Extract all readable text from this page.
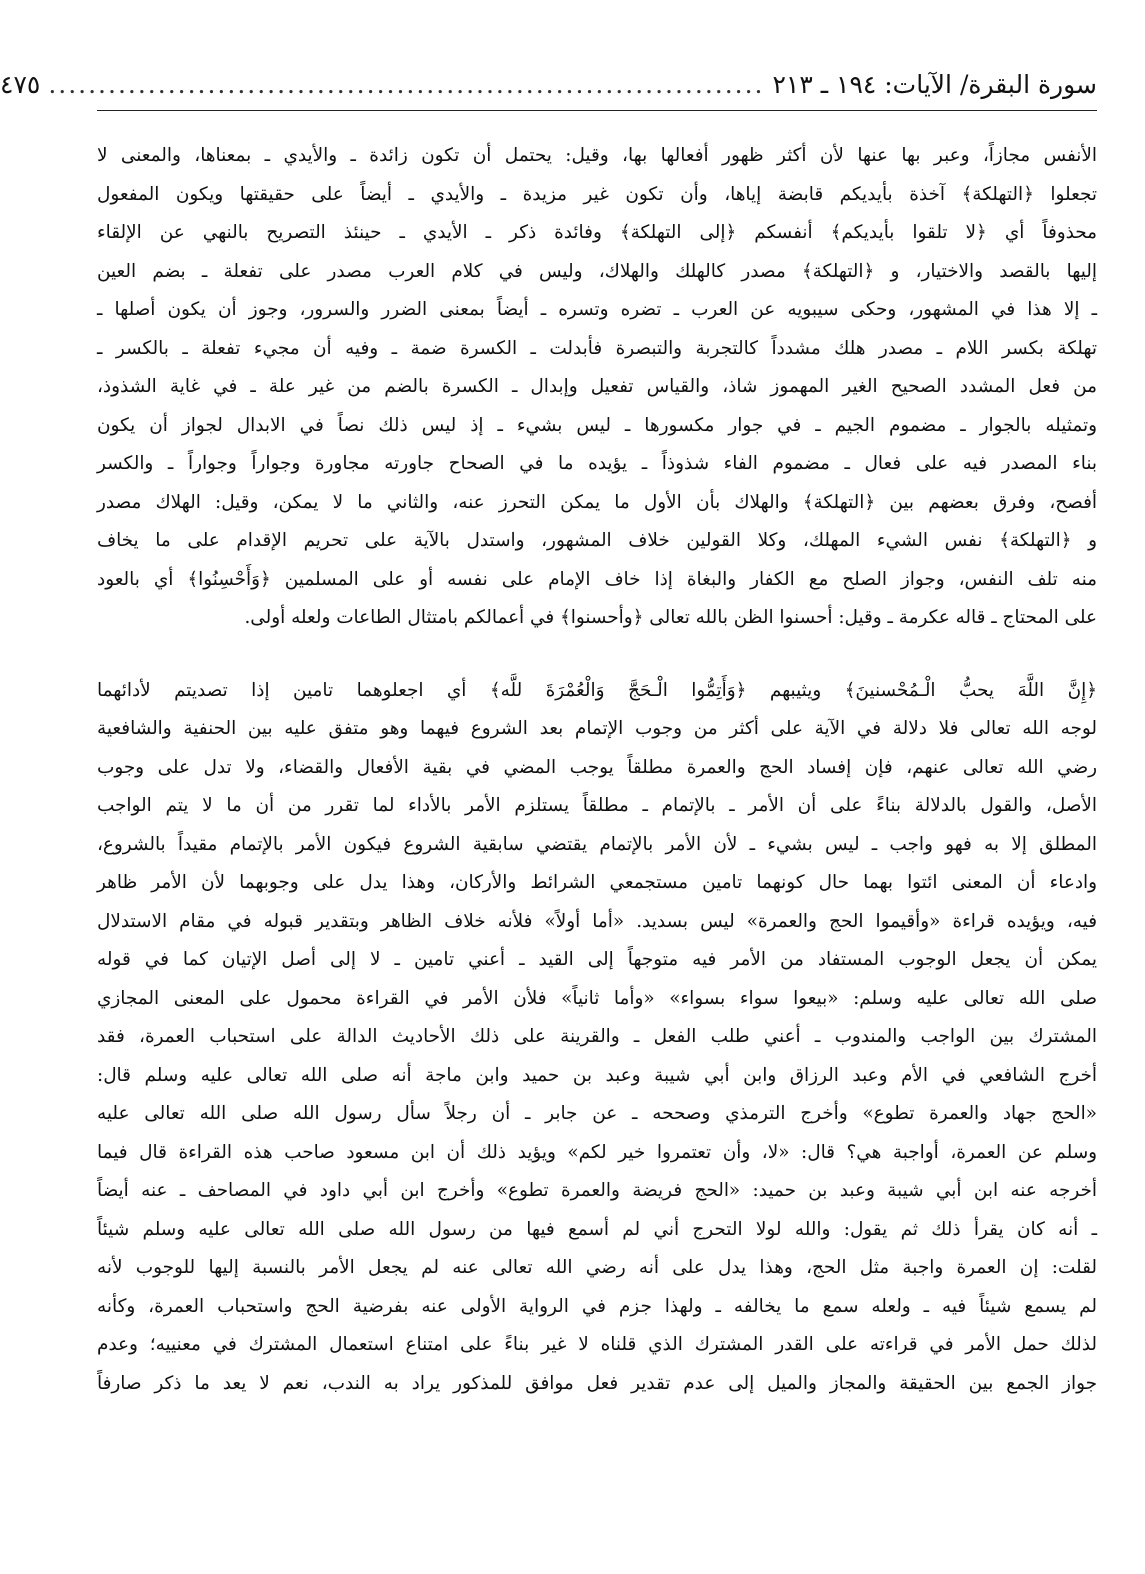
سورة البقرة/ الآيات: ١٩٤ ـ ٢١٣
........................................................................
٤٧٥
الأنفس مجازاً، وعبر بها عنها لأن أكثر ظهور أفعالها بها، وقيل: يحتمل أن تكون زائدة ـ والأيدي ـ بمعناها، والمعنى لا
تجعلوا ﴿التهلكة﴾ آخذة بأيديكم قابضة إياها، وأن تكون غير مزيدة ـ والأيدي ـ أيضاً على حقيقتها ويكون المفعول
محذوفاً أي ﴿لا تلقوا بأيديكم﴾ أنفسكم ﴿إلى التهلكة﴾ وفائدة ذكر ـ الأيدي ـ حينئذ التصريح بالنهي عن الإلقاء
إليها بالقصد والاختيار، و ﴿التهلكة﴾ مصدر كالهلك والهلاك، وليس في كلام العرب مصدر على تفعلة ـ بضم العين
ـ إلا هذا في المشهور، وحكى سيبويه عن العرب ـ تضره وتسره ـ أيضاً بمعنى الضرر والسرور، وجوز أن يكون أصلها ـ
تهلكة بكسر اللام ـ مصدر هلك مشدداً كالتجربة والتبصرة فأبدلت ـ الكسرة ضمة ـ وفيه أن مجيء تفعلة ـ بالكسر ـ
من فعل المشدد الصحيح الغير المهموز شاذ، والقياس تفعيل وإبدال ـ الكسرة بالضم من غير علة ـ في غاية الشذوذ،
وتمثيله بالجوار ـ مضموم الجيم ـ في جوار مكسورها ـ ليس بشيء ـ إذ ليس ذلك نصاً في الابدال لجواز أن يكون
بناء المصدر فيه على فعال ـ مضموم الفاء شذوذاً ـ يؤيده ما في الصحاح جاورته مجاورة وجواراً وجواراً ـ والكسر
أفصح، وفرق بعضهم بين ﴿التهلكة﴾ والهلاك بأن الأول ما يمكن التحرز عنه، والثاني ما لا يمكن، وقيل: الهلاك مصدر
و ﴿التهلكة﴾ نفس الشيء المهلك، وكلا القولين خلاف المشهور، واستدل بالآية على تحريم الإقدام على ما يخاف
منه تلف النفس، وجواز الصلح مع الكفار والبغاة إذا خاف الإمام على نفسه أو على المسلمين ﴿وَأَحْسِنُوا﴾ أي بالعود
على المحتاج ـ قاله عكرمة ـ وقيل: أحسنوا الظن بالله تعالى ﴿وأحسنوا﴾ في أعمالكم بامتثال الطاعات ولعله أولى.
﴿إِنَّ اللَّهَ يحبُّ الْـمُحْسنينَ﴾ ويثيبهم ﴿وَأَتِمُّوا الْـحَجَّ وَالْعُمْرَةَ للَّه﴾ أي اجعلوهما تامين إذا تصديتم لأدائهما
لوجه الله تعالى فلا دلالة في الآية على أكثر من وجوب الإتمام بعد الشروع فيهما وهو متفق عليه بين الحنفية والشافعية
رضي الله تعالى عنهم، فإن إفساد الحج والعمرة مطلقاً يوجب المضي في بقية الأفعال والقضاء، ولا تدل على وجوب
الأصل، والقول بالدلالة بناءً على أن الأمر ـ بالإتمام ـ مطلقاً يستلزم الأمر بالأداء لما تقرر من أن ما لا يتم الواجب
المطلق إلا به فهو واجب ـ ليس بشيء ـ لأن الأمر بالإتمام يقتضي سابقية الشروع فيكون الأمر بالإتمام مقيداً بالشروع،
وادعاء أن المعنى ائتوا بهما حال كونهما تامين مستجمعي الشرائط والأركان، وهذا يدل على وجوبهما لأن الأمر ظاهر
فيه، ويؤيده قراءة «وأقيموا الحج والعمرة» ليس بسديد. «أما أولاً» فلأنه خلاف الظاهر وبتقدير قبوله في مقام الاستدلال
يمكن أن يجعل الوجوب المستفاد من الأمر فيه متوجهاً إلى القيد ـ أعني تامين ـ لا إلى أصل الإتيان كما في قوله
صلى الله تعالى عليه وسلم: «بيعوا سواء بسواء» «وأما ثانياً» فلأن الأمر في القراءة محمول على المعنى المجازي
المشترك بين الواجب والمندوب ـ أعني طلب الفعل ـ والقرينة على ذلك الأحاديث الدالة على استحباب العمرة، فقد
أخرج الشافعي في الأم وعبد الرزاق وابن أبي شيبة وعبد بن حميد وابن ماجة أنه صلى الله تعالى عليه وسلم قال:
«الحج جهاد والعمرة تطوع» وأخرج الترمذي وصححه ـ عن جابر ـ أن رجلاً سأل رسول الله صلى الله تعالى عليه
وسلم عن العمرة، أواجبة هي؟ قال: «لا، وأن تعتمروا خير لكم» ويؤيد ذلك أن ابن مسعود صاحب هذه القراءة قال فيما
أخرجه عنه ابن أبي شيبة وعبد بن حميد: «الحج فريضة والعمرة تطوع» وأخرج ابن أبي داود في المصاحف ـ عنه أيضاً
ـ أنه كان يقرأ ذلك ثم يقول: والله لولا التحرج أني لم أسمع فيها من رسول الله صلى الله تعالى عليه وسلم شيئاً
لقلت: إن العمرة واجبة مثل الحج، وهذا يدل على أنه رضي الله تعالى عنه لم يجعل الأمر بالنسبة إليها للوجوب لأنه
لم يسمع شيئاً فيه ـ ولعله سمع ما يخالفه ـ ولهذا جزم في الرواية الأولى عنه بفرضية الحج واستحباب العمرة، وكأنه
لذلك حمل الأمر في قراءته على القدر المشترك الذي قلناه لا غير بناءً على امتناع استعمال المشترك في معنييه؛ وعدم
جواز الجمع بين الحقيقة والمجاز والميل إلى عدم تقدير فعل موافق للمذكور يراد به الندب، نعم لا يعد ما ذكر صارفاً
